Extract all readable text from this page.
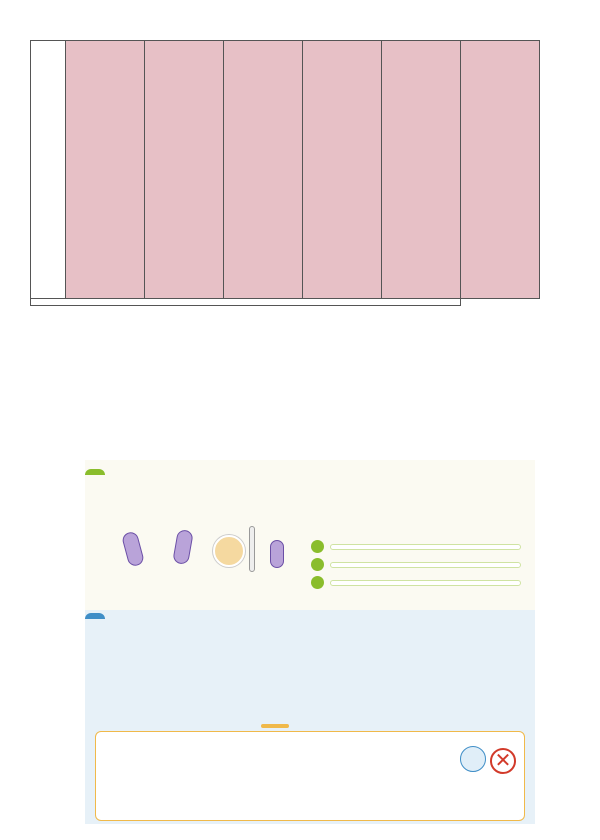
✕
